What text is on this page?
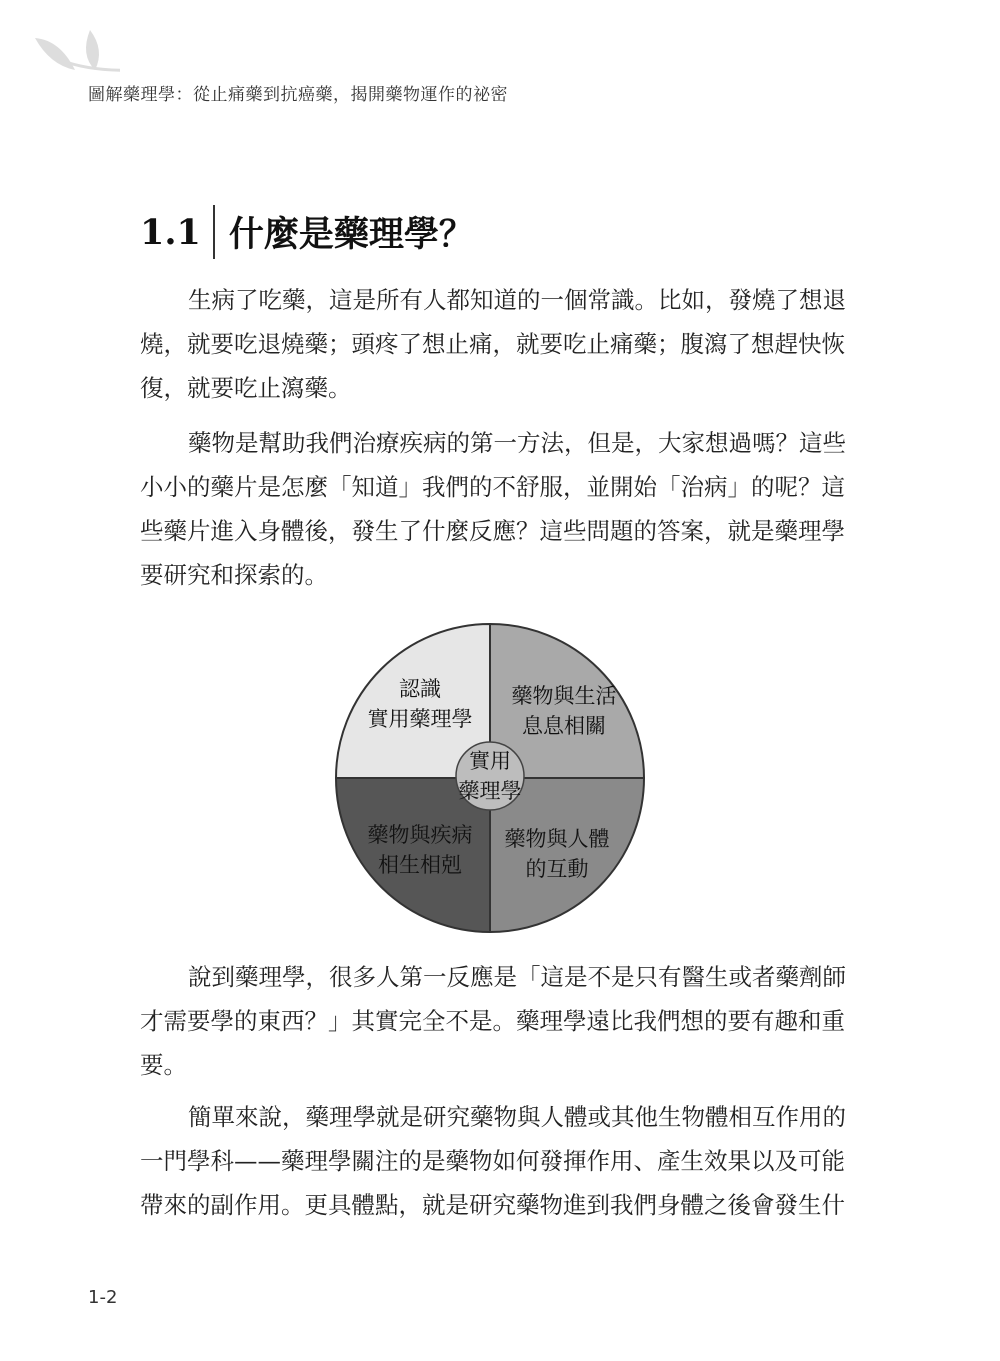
圖解藥理學：從止痛藥到抗癌藥，揭開藥物運作的祕密
1.1 什麼是藥理學？
生病了吃藥，這是所有人都知道的一個常識。比如，發燒了想退
燒，就要吃退燒藥；頭疼了想止痛，就要吃止痛藥；腹瀉了想趕快恢
復，就要吃止瀉藥。
藥物是幫助我們治療疾病的第一方法，但是，大家想過嗎？這些
小小的藥片是怎麼「知道」我們的不舒服，並開始「治病」的呢？這
些藥片進入身體後，發生了什麼反應？這些問題的答案，就是藥理學
要研究和探索的。
認識
實用藥理學
藥物與生活
息息相關
藥物與疾病
相生相剋
藥物與人體
的互動
實用
藥理學
說到藥理學，很多人第一反應是「這是不是只有醫生或者藥劑師
才需要學的東西？」其實完全不是。藥理學遠比我們想的要有趣和重
要。
簡單來說，藥理學就是研究藥物與人體或其他生物體相互作用的
一門學科——藥理學關注的是藥物如何發揮作用、產生效果以及可能
帶來的副作用。更具體點，就是研究藥物進到我們身體之後會發生什
1-2
